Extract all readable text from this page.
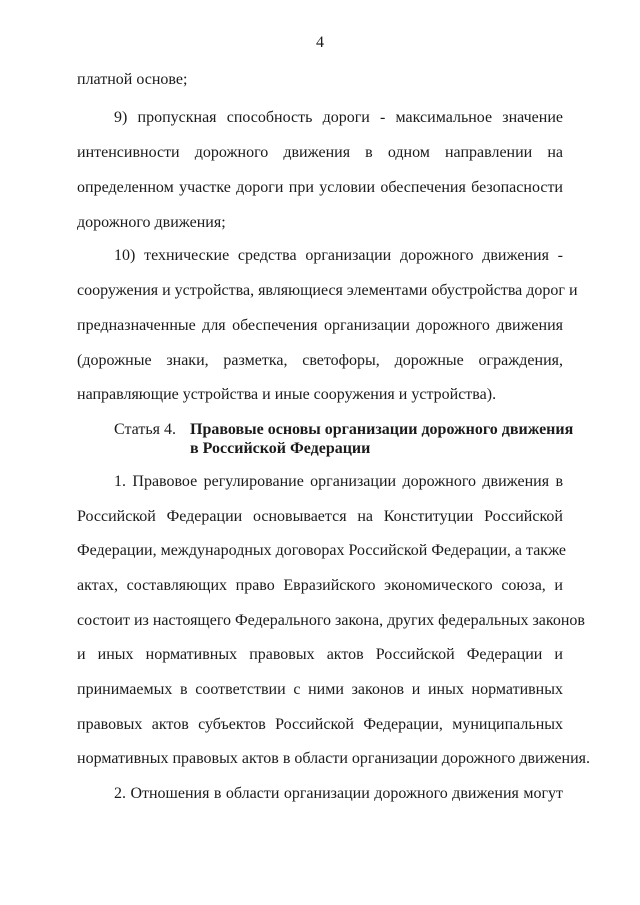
4
платной основе;
9) пропускная способность дороги - максимальное значение
интенсивности дорожного движения в одном направлении на
определенном участке дороги при условии обеспечения безопасности
дорожного движения;
10) технические средства организации дорожного движения -
сооружения и устройства, являющиеся элементами обустройства дорог и
предназначенные для обеспечения организации дорожного движения
(дорожные знаки, разметка, светофоры, дорожные ограждения,
направляющие устройства и иные сооружения и устройства).
Статья 4. Правовые основы организации дорожного движения
в Российской Федерации
1. Правовое регулирование организации дорожного движения в
Российской Федерации основывается на Конституции Российской
Федерации, международных договорах Российской Федерации, а также
актах, составляющих право Евразийского экономического союза, и
состоит из настоящего Федерального закона, других федеральных законов
и иных нормативных правовых актов Российской Федерации и
принимаемых в соответствии с ними законов и иных нормативных
правовых актов субъектов Российской Федерации, муниципальных
нормативных правовых актов в области организации дорожного движения.
2. Отношения в области организации дорожного движения могут
